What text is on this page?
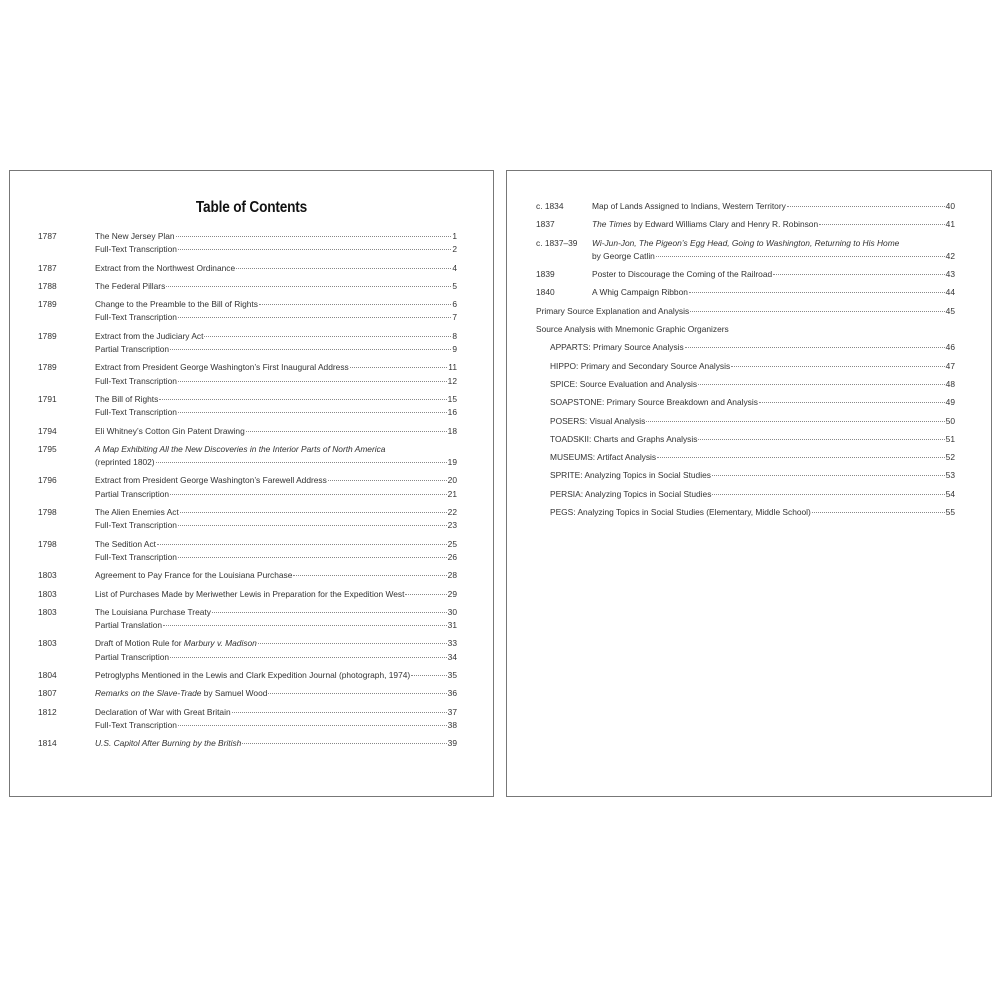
Table of Contents
1787	The New Jersey Plan	1
Full-Text Transcription	2
1787	Extract from the Northwest Ordinance	4
1788	The Federal Pillars	5
1789	Change to the Preamble to the Bill of Rights	6
Full-Text Transcription	7
1789	Extract from the Judiciary Act	8
Partial Transcription	9
1789	Extract from President George Washington’s First Inaugural Address	11
Full-Text Transcription	12
1791	The Bill of Rights	15
Full-Text Transcription	16
1794	Eli Whitney’s Cotton Gin Patent Drawing	18
1795	A Map Exhibiting All the New Discoveries in the Interior Parts of North America
(reprinted 1802)	19
1796	Extract from President George Washington’s Farewell Address	20
Partial Transcription	21
1798	The Alien Enemies Act	22
Full-Text Transcription	23
1798	The Sedition Act	25
Full-Text Transcription	26
1803	Agreement to Pay France for the Louisiana Purchase	28
1803	List of Purchases Made by Meriwether Lewis in Preparation for the Expedition West	29
1803	The Louisiana Purchase Treaty	30
Partial Translation	31
1803	Draft of Motion Rule for Marbury v. Madison	33
Partial Transcription	34
1804	Petroglyphs Mentioned in the Lewis and Clark Expedition Journal (photograph, 1974)	35
1807	Remarks on the Slave-Trade by Samuel Wood	36
1812	Declaration of War with Great Britain	37
Full-Text Transcription	38
1814	U.S. Capitol After Burning by the British	39
c. 1834	Map of Lands Assigned to Indians, Western Territory	40
1837	The Times by Edward Williams Clary and Henry R. Robinson	41
c. 1837–39	Wi-Jun-Jon, The Pigeon’s Egg Head, Going to Washington, Returning to His Home
by George Catlin	42
1839	Poster to Discourage the Coming of the Railroad	43
1840	A Whig Campaign Ribbon	44
Primary Source Explanation and Analysis	45
Source Analysis with Mnemonic Graphic Organizers
APPARTS: Primary Source Analysis	46
HIPPO: Primary and Secondary Source Analysis	47
SPICE: Source Evaluation and Analysis	48
SOAPSTONE: Primary Source Breakdown and Analysis	49
POSERS: Visual Analysis	50
TOADSKII: Charts and Graphs Analysis	51
MUSEUMS: Artifact Analysis	52
SPRITE: Analyzing Topics in Social Studies	53
PERSIA: Analyzing Topics in Social Studies	54
PEGS: Analyzing Topics in Social Studies (Elementary, Middle School)	55
